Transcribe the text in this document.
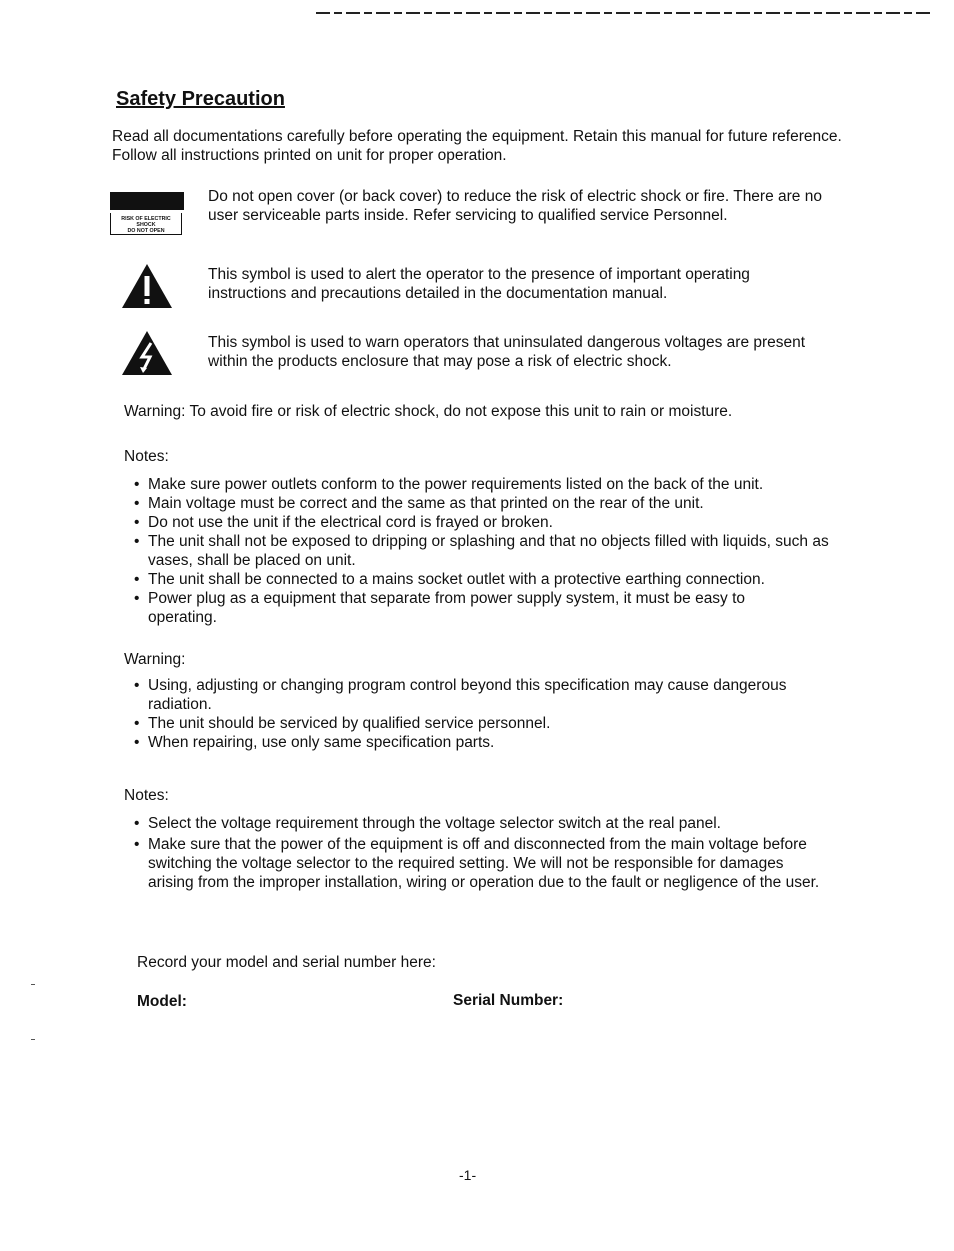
Safety Precaution
Read all documentations carefully before operating the equipment. Retain this manual for future reference. Follow all instructions printed on unit for proper operation.
RISK OF ELECTRIC SHOCK
DO NOT OPEN
Do not open cover (or back cover) to reduce the risk of electric shock or fire. There are no user serviceable parts inside. Refer servicing to qualified service Personnel.
This symbol is used to alert the operator to the presence of important operating instructions and precautions detailed in the documentation manual.
This symbol is used to warn operators that uninsulated dangerous voltages are present within the products enclosure that may pose a risk of electric shock.
Warning: To avoid fire or risk of electric shock, do not expose this unit to rain or moisture.
Notes:
• Make sure power outlets conform to the power requirements listed on the back of the unit.
• Main voltage must be correct and the same as that printed on the rear of the unit.
• Do not use the unit if the electrical cord is frayed or broken.
• The unit shall not be exposed to dripping or splashing and that no objects filled with liquids, such as vases, shall be placed on unit.
• The unit shall be connected to a mains socket outlet with a protective earthing connection.
• Power plug as a equipment that separate from power supply system, it must be easy to operating.
Warning:
• Using, adjusting or changing program control beyond this specification may cause dangerous radiation.
• The unit should be serviced by qualified service personnel.
• When repairing, use only same specification parts.
Notes:
• Select the voltage requirement through the voltage selector switch at the real panel.
• Make sure that the power of the equipment is off and disconnected from the main voltage before switching the voltage selector to the required setting. We will not be responsible for damages arising from the improper installation, wiring or operation due to the fault or negligence of the user.
Record your model and serial number here:
Model:	Serial Number:
-1-
